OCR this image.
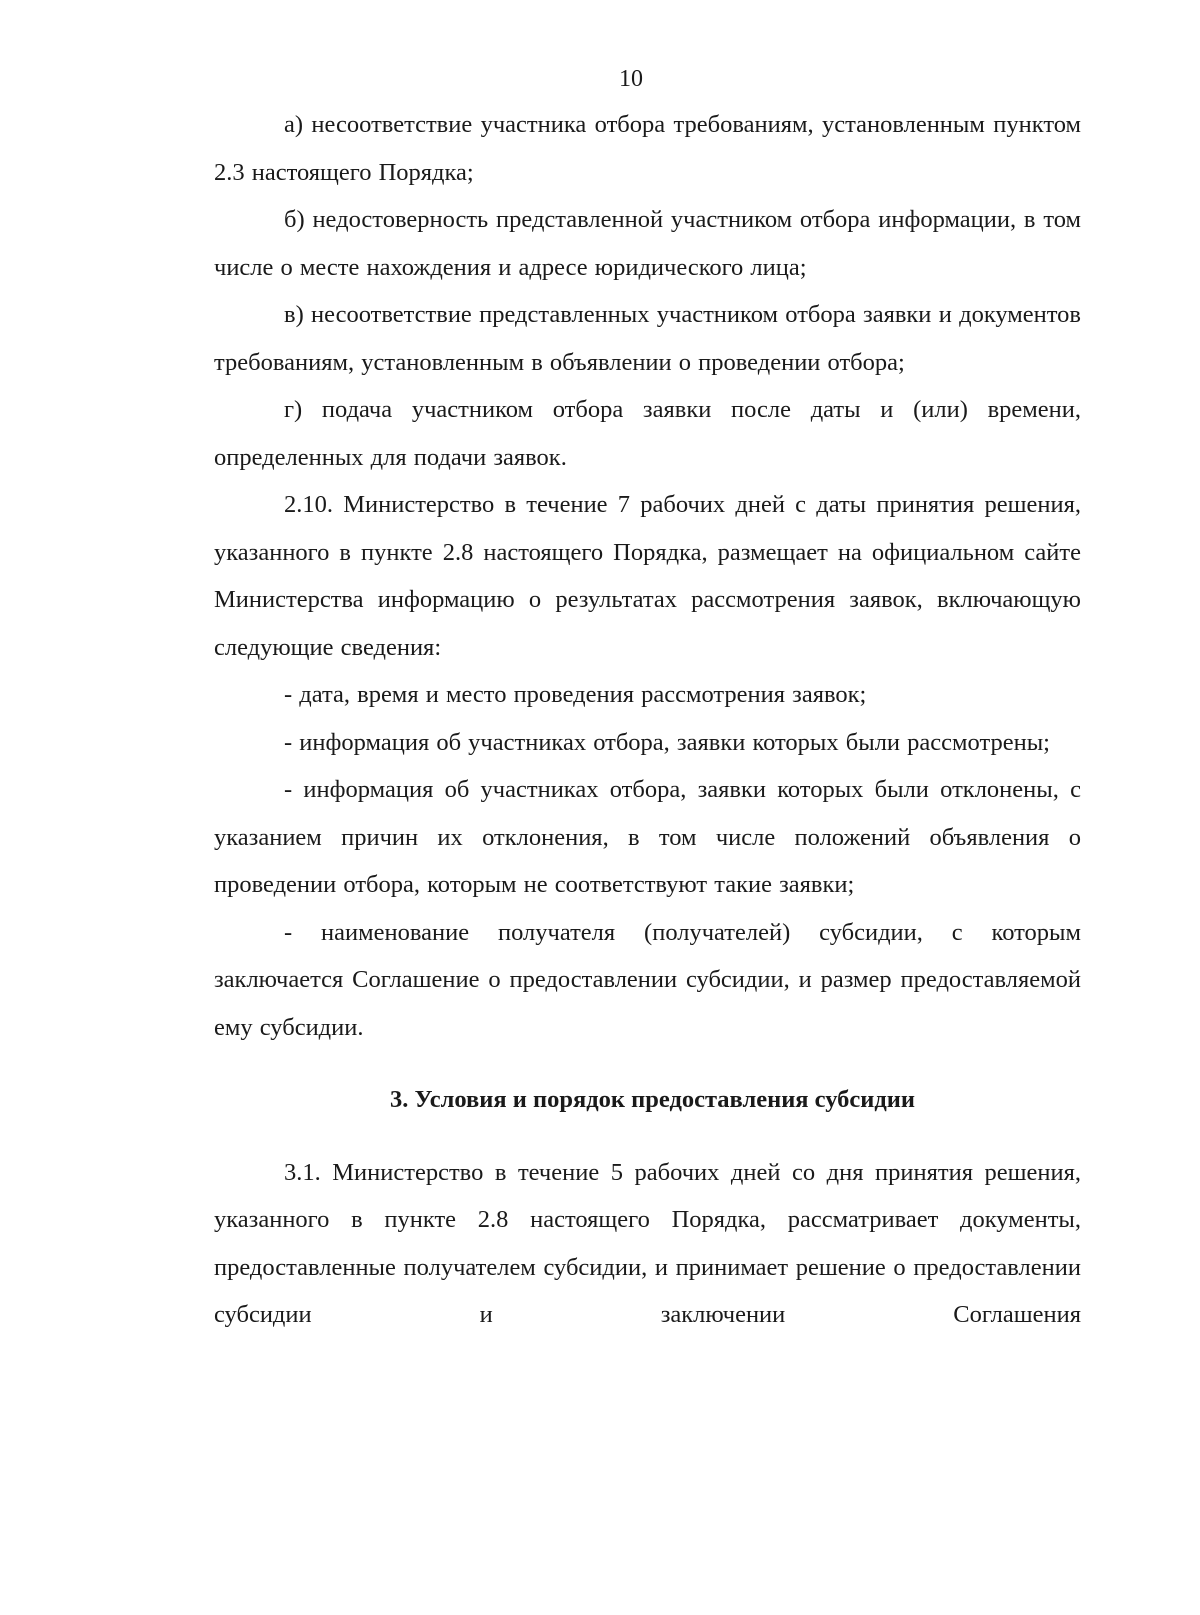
10

а) несоответствие участника отбора требованиям, установленным пунктом 2.3 настоящего Порядка;

б) недостоверность представленной участником отбора информации, в том числе о месте нахождения и адресе юридического лица;

в) несоответствие представленных участником отбора заявки и документов требованиям, установленным в объявлении о проведении отбора;

г) подача участником отбора заявки после даты и (или) времени, определенных для подачи заявок.

2.10. Министерство в течение 7 рабочих дней с даты принятия решения, указанного в пункте 2.8 настоящего Порядка, размещает на официальном сайте Министерства информацию о результатах рассмотрения заявок, включающую следующие сведения:

- дата, время и место проведения рассмотрения заявок;

- информация об участниках отбора, заявки которых были рассмотрены;

- информация об участниках отбора, заявки которых были отклонены, с указанием причин их отклонения, в том числе положений объявления о проведении отбора, которым не соответствуют такие заявки;

- наименование получателя (получателей) субсидии, с которым заключается Соглашение о предоставлении субсидии, и размер предоставляемой ему субсидии.

3. Условия и порядок предоставления субсидии

3.1. Министерство в течение 5 рабочих дней со дня принятия решения, указанного в пункте 2.8 настоящего Порядка, рассматривает документы, предоставленные получателем субсидии, и принимает решение о предоставлении субсидии и заключении Соглашения
